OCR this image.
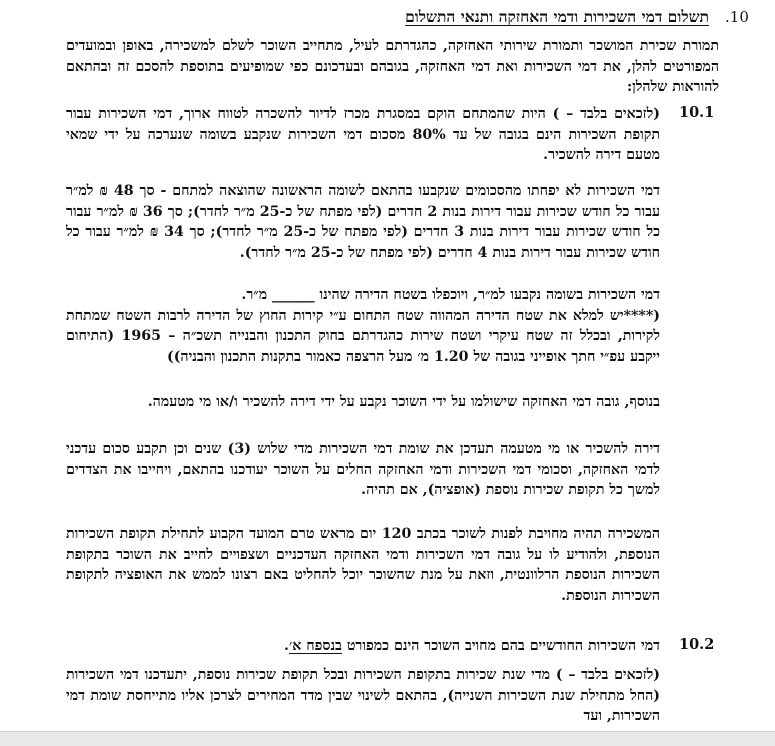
10.
תשלום דמי השכירות ודמי האחזקה ותנאי התשלום
תמורת שכירת המושכר ותמורת שירותי האחזקה, כהגדרתם לעיל, מתחייב השוכר לשלם למשכירה, באופן ובמועדים המפורטים להלן, את דמי השכירות ואת דמי האחזקה, בגובהם ובעדכונם כפי שמופיעים בתוספת להסכם זה ובהתאם להוראות שלהלן:
10.1
(לזכאים בלבד – ) היות שהמתחם הוקם במסגרת מכרז לדיור להשכרה לטווח ארוך, דמי השכירות עבור תקופת השכירות הינם בגובה של עד 80% מסכום דמי השכירות שנקבע בשומה שנערכה על ידי שמאי מטעם דירה להשכיר.
דמי השכירות לא יפחתו מהסכומים שנקבעו בהתאם לשומה הראשונה שהוצאה למתחם - סך 48 ₪ למ״ר עבור כל חודש שכירות עבור דירות בנות 2 חדרים (לפי מפתח של כ-25 מ״ר לחדר); סך 36 ₪ למ״ר עבור כל חודש שכירות עבור דירות בנות 3 חדרים (לפי מפתח של כ-25 מ״ר לחדר); סך 34 ₪ למ״ר עבור כל חודש שכירות עבור דירות בנות 4 חדרים (לפי מפתח של כ-25 מ״ר לחדר).
דמי השכירות בשומה נקבעו למ״ר, ויוכפלו בשטח הדירה שהינו ______ מ״ר.
(****יש למלא את שטח הדירה המהווה שטח התחום ע״י קירות החוץ של הדירה לרבות השטח שמתחת לקירות, ובכלל זה שטח עיקרי ושטח שירות כהגדרתם בחוק התכנון והבנייה תשכ״ה – 1965 (התיחום ייקבע עפ״י חתך אופייני בגובה של 1.20 מ׳ מעל הרצפה כאמור בתקנות התכנון והבניה))
בנוסף, גובה דמי האחזקה שישולמו על ידי השוכר נקבע על ידי דירה להשכיר ו/או מי מטעמה.
דירה להשכיר או מי מטעמה תעדכן את שומת דמי השכירות מדי שלוש (3) שנים וכן תקבע סכום עדכני לדמי האחזקה, וסכומי דמי השכירות ודמי האחזקה החלים על השוכר יעודכנו בהתאם, ויחייבו את הצדדים למשך כל תקופת שכירות נוספת (אופציה), אם תהיה.
המשכירה תהיה מחויבת לפנות לשוכר בכתב 120 יום מראש טרם המועד הקבוע לתחילת תקופת השכירות הנוספת, ולהודיע לו על גובה דמי השכירות ודמי האחזקה העדכניים ושצפויים לחייב את השוכר בתקופת השכירות הנוספת הרלוונטית, וזאת על מנת שהשוכר יוכל להחליט באם רצונו לממש את האופציה לתקופת השכירות הנוספת.
10.2
דמי השכירות החודשיים בהם מחויב השוכר הינם כמפורט בנספח א׳.
(לזכאים בלבד – ) מדי שנת שכירות בתקופת השכירות ובכל תקופת שכירות נוספת, יתעדכנו דמי השכירות (החל מתחילת שנת השכירות השנייה), בהתאם לשינוי שבין מדד המחירים לצרכן אליו מתייחסת שומת דמי השכירות, ועד
